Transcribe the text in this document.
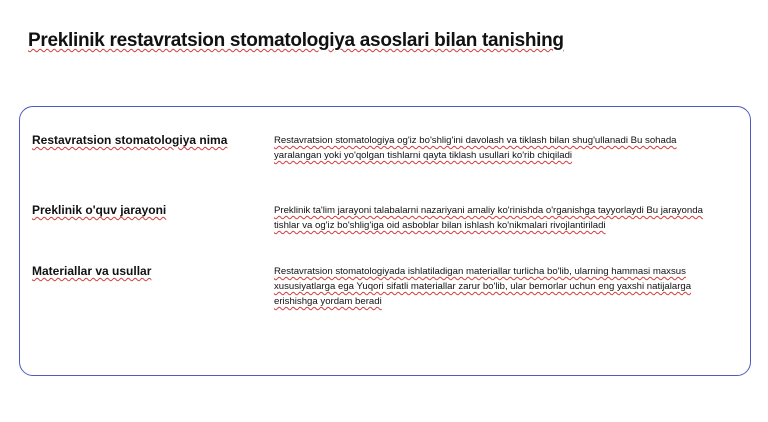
Preklinik restavratsion stomatologiya asoslari bilan tanishing
Restavratsion stomatologiya nima	Restavratsion stomatologiya og'iz bo'shlig'ini davolash va tiklash bilan shug'ullanadi Bu sohada yaralangan yoki yo'qolgan tishlarni qayta tiklash usullari ko'rib chiqiladi
Preklinik o'quv jarayoni	Preklinik ta'lim jarayoni talabalarni nazariyani amaliy ko'rinishda o'rganishga tayyorlaydi Bu jarayonda tishlar va og'iz bo'shlig'iga oid asboblar bilan ishlash ko'nikmalari rivojlantiriladi
Materiallar va usullar	Restavratsion stomatologiyada ishlatiladigan materiallar turlicha bo'lib, ularning hammasi maxsus xususiyatlarga ega Yuqori sifatli materiallar zarur bo'lib, ular bemorlar uchun eng yaxshi natijalarga erishishga yordam beradi
